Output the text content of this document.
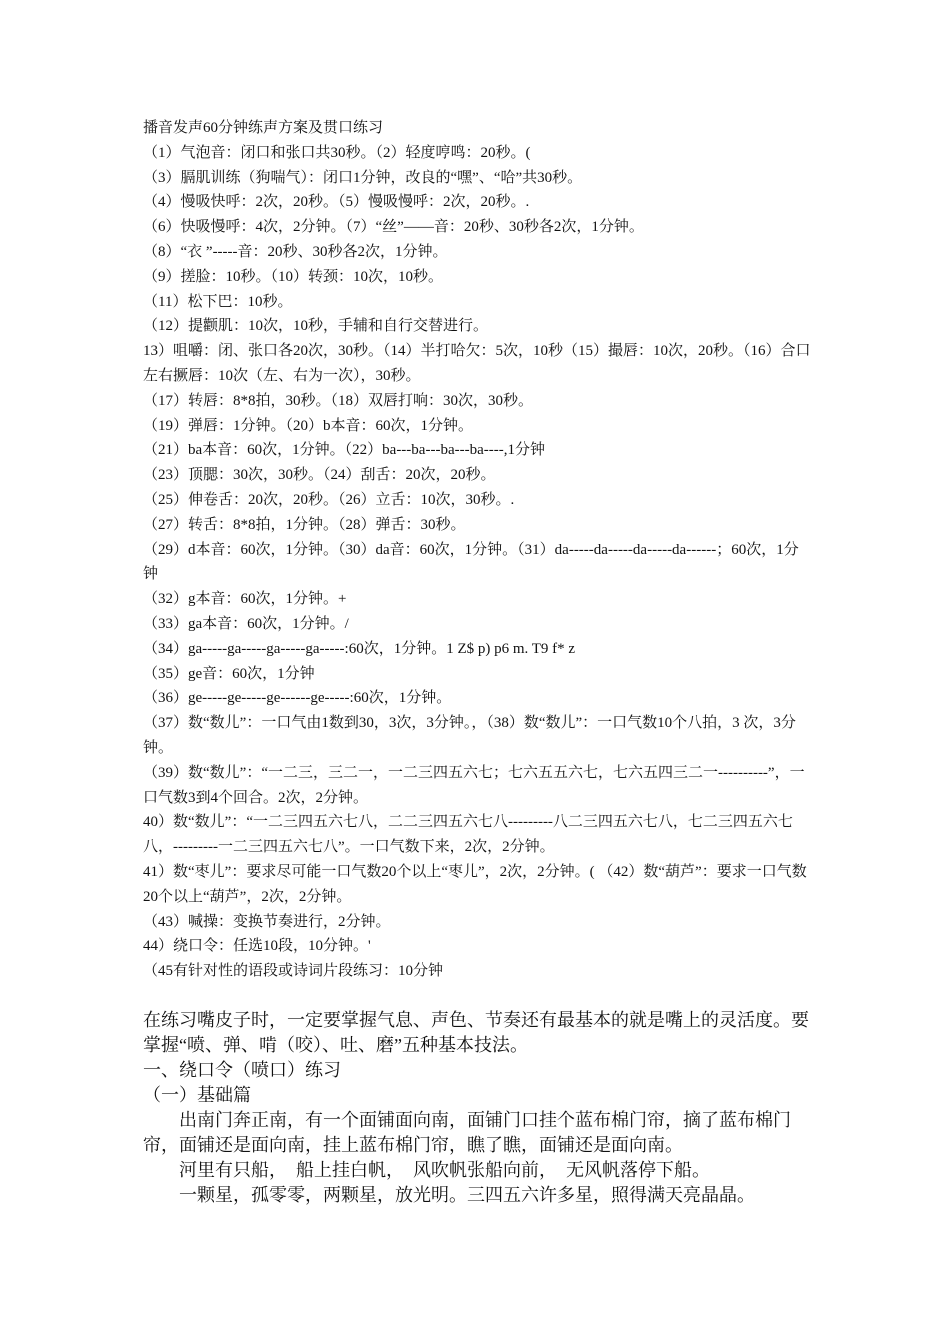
播音发声60分钟练声方案及贯口练习

（1）气泡音：闭口和张口共30秒。（2）轻度哼鸣：20秒。(

（3）膈肌训练（狗喘气）：闭口1分钟，改良的“嘿”、“哈”共30秒。

（4）慢吸快呼：2次，20秒。（5）慢吸慢呼：2次，20秒。.

（6）快吸慢呼：4次，2分钟。（7）“丝”——音：20秒、30秒各2次，1分钟。

（8）“衣 ”-----音：20秒、30秒各2次，1分钟。

（9）搓脸：10秒。（10）转颈：10次，10秒。

（11）松下巴：10秒。

（12）提颧肌：10次，10秒，手辅和自行交替进行。

13）咀嚼：闭、张口各20次，30秒。（14）半打哈欠：5次，10秒（15）撮唇：10次，20秒。（16）合口左右撅唇：10次（左、右为一次），30秒。

（17）转唇：8*8拍，30秒。（18）双唇打响：30次，30秒。

（19）弹唇：1分钟。（20）b本音：60次，1分钟。

（21）ba本音：60次，1分钟。（22）ba---ba---ba---ba----,1分钟

（23）顶腮：30次，30秒。（24）刮舌：20次，20秒。

（25）伸卷舌：20次，20秒。（26）立舌：10次，30秒。.

（27）转舌：8*8拍，1分钟。（28）弹舌：30秒。

（29）d本音：60次，1分钟。（30）da音：60次，1分钟。（31）da-----da-----da-----da------；60次，1分钟

（32）g本音：60次，1分钟。+

（33）ga本音：60次，1分钟。/

（34）ga-----ga-----ga-----ga-----:60次，1分钟。1 Z$ p) p6 m. T9 f* z

（35）ge音：60次，1分钟

（36）ge-----ge-----ge------ge-----:60次，1分钟。

（37）数“数儿”：一口气由1数到30，3次，3分钟。，（38）数“数儿”：一口气数10个八拍，3 次，3分钟。

（39）数“数儿”：“一二三，三二一，一二三四五六七；七六五五六七，七六五四三二一----------”，一口气数3到4个回合。2次，2分钟。

40）数“数儿”：“一二三四五六七八，二二三四五六七八---------八二三四五六七八，七二三四五六七八，---------一二三四五六七八”。一口气数下来，2次，2分钟。

41）数“枣儿”：要求尽可能一口气数20个以上“枣儿”，2次，2分钟。( （42）数“葫芦”：要求一口气数20个以上“葫芦”，2次，2分钟。

（43）喊操：变换节奏进行，2分钟。

44）绕口令：任选10段，10分钟。'

（45有针对性的语段或诗词片段练习：10分钟

在练习嘴皮子时，一定要掌握气息、声色、节奏还有最基本的就是嘴上的灵活度。要掌握“喷、弹、啃（咬）、吐、磨”五种基本技法。

一、绕口令（喷口）练习

（一）基础篇

出南门奔正南，有一个面铺面向南，面铺门口挂个蓝布棉门帘，摘了蓝布棉门帘，面铺还是面向南，挂上蓝布棉门帘，瞧了瞧，面铺还是面向南。

河里有只船，  船上挂白帆，  风吹帆张船向前，  无风帆落停下船。

一颗星，孤零零，两颗星，放光明。三四五六许多星，照得满天亮晶晶。
